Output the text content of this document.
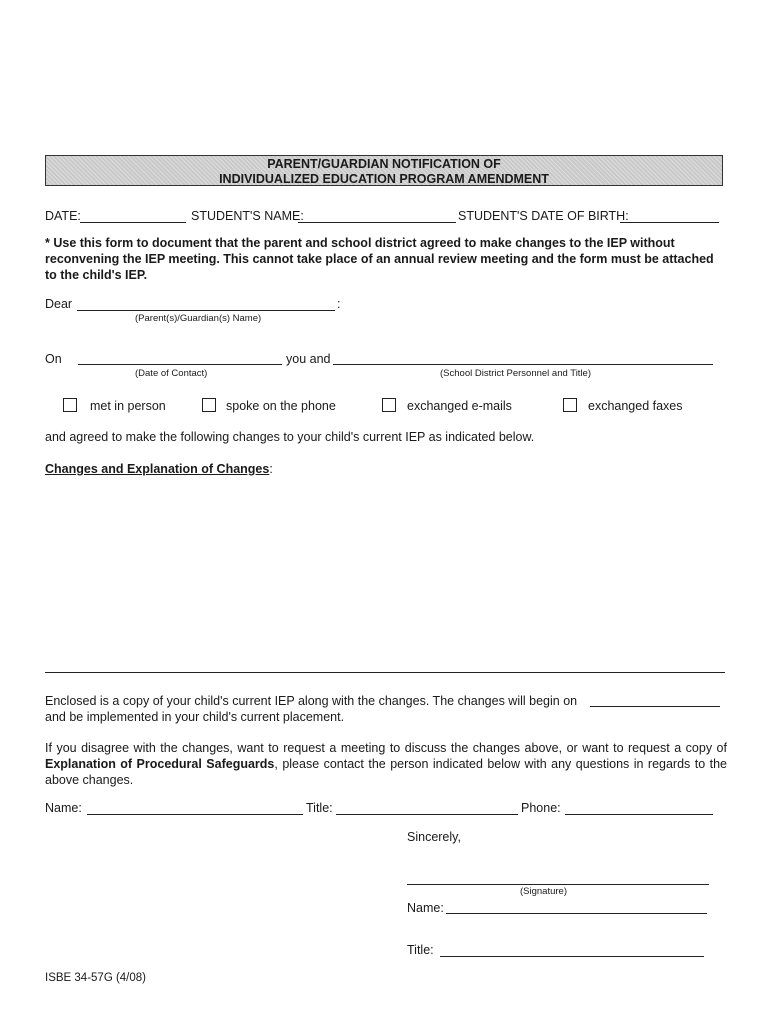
PARENT/GUARDIAN NOTIFICATION OF
INDIVIDUALIZED EDUCATION PROGRAM AMENDMENT
DATE:	STUDENT'S NAME:	STUDENT'S DATE OF BIRTH:
* Use this form to document that the parent and school district agreed to make changes to the IEP without reconvening the IEP meeting. This cannot take place of an annual review meeting and the form must be attached to the child's IEP.
Dear	:
(Parent(s)/Guardian(s) Name)
On	you and
(Date of Contact)	(School District Personnel and Title)
met in person	spoke on the phone	exchanged e-mails	exchanged faxes
and agreed to make the following changes to your child's current IEP as indicated below.
Changes and Explanation of Changes:
Enclosed is a copy of your child's current IEP along with the changes. The changes will begin on
and be implemented in your child's current placement.
If you disagree with the changes, want to request a meeting to discuss the changes above, or want to request a copy of Explanation of Procedural Safeguards, please contact the person indicated below with any questions in regards to the above changes.
Name:	Title:	Phone:
Sincerely,
(Signature)
Name:
Title:
ISBE 34-57G (4/08)
